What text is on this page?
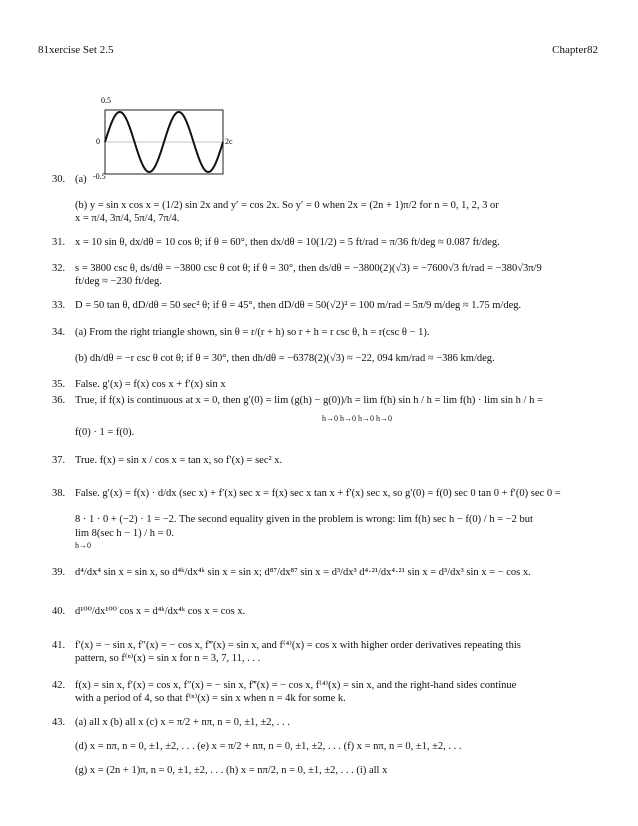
81xercise Set 2.5	Chapter82
0.5
0
-0.5
2c
30. (a)
(b) y = sin x cos x = (1/2) sin 2x and y′ = cos 2x. So y′ = 0 when 2x = (2n + 1)π/2 for n = 0, 1, 2, 3 or
x = π/4, 3π/4, 5π/4, 7π/4.
31. x = 10 sin θ, dx/dθ = 10 cos θ; if θ = 60°, then dx/dθ = 10(1/2) = 5 ft/rad = π/36 ft/deg ≈ 0.087 ft/deg.
32. s = 3800 csc θ, ds/dθ = −3800 csc θ cot θ; if θ = 30°, then ds/dθ = −3800(2)(√3) = −7600√3 ft/rad = −380√3π/9
ft/deg ≈ −230 ft/deg.
33. D = 50 tan θ, dD/dθ = 50 sec² θ; if θ = 45°, then dD/dθ = 50(√2)² = 100 m/rad = 5π/9 m/deg ≈ 1.75 m/deg.
34. (a) From the right triangle shown, sin θ = r/(r + h) so r + h = r csc θ, h = r(csc θ − 1).
(b) dh/dθ = −r csc θ cot θ; if θ = 30°, then dh/dθ = −6378(2)(√3) ≈ −22, 094 km/rad ≈ −386 km/deg.
35. False. g′(x) = f(x) cos x + f′(x) sin x
36. True, if f(x) is continuous at x = 0, then g′(0) = lim (g(h) − g(0))/h = lim f(h) sin h / h = lim f(h) · lim sin h / h =
h→0 h→0 h→0 h→0
f(0) · 1 = f(0).
37. True. f(x) = sin x / cos x = tan x, so f′(x) = sec² x.
38. False. g′(x) = f(x) · d/dx (sec x) + f′(x) sec x = f(x) sec x tan x + f′(x) sec x, so g′(0) = f(0) sec 0 tan 0 + f′(0) sec 0 =
8 · 1 · 0 + (−2) · 1 = −2. The second equality given in the problem is wrong: lim f(h) sec h − f(0) / h = −2 but
lim 8(sec h − 1) / h = 0.
h→0
39. d⁴/dx⁴ sin x = sin x, so d⁴ᵏ/dx⁴ᵏ sin x = sin x; d⁸⁷/dx⁸⁷ sin x = d³/dx³ d⁴·²¹/dx⁴·²¹ sin x = d³/dx³ sin x = − cos x.
40. d¹⁰⁰/dx¹⁰⁰ cos x = d⁴ᵏ/dx⁴ᵏ cos x = cos x.
41. f′(x) = − sin x, f″(x) = − cos x, f‴(x) = sin x, and f⁽⁴⁾(x) = cos x with higher order derivatives repeating this
pattern, so f⁽ⁿ⁾(x) = sin x for n = 3, 7, 11, . . .
42. f(x) = sin x, f′(x) = cos x, f″(x) = − sin x, f‴(x) = − cos x, f⁽⁴⁾(x) = sin x, and the right-hand sides continue
with a period of 4, so that f⁽ⁿ⁾(x) = sin x when n = 4k for some k.
43. (a) all x (b) all x (c) x = π/2 + nπ, n = 0, ±1, ±2, . . .
(d) x = nπ, n = 0, ±1, ±2, . . . (e) x = π/2 + nπ, n = 0, ±1, ±2, . . . (f) x = nπ, n = 0, ±1, ±2, . . .
(g) x = (2n + 1)π, n = 0, ±1, ±2, . . . (h) x = nπ/2, n = 0, ±1, ±2, . . . (i) all x
